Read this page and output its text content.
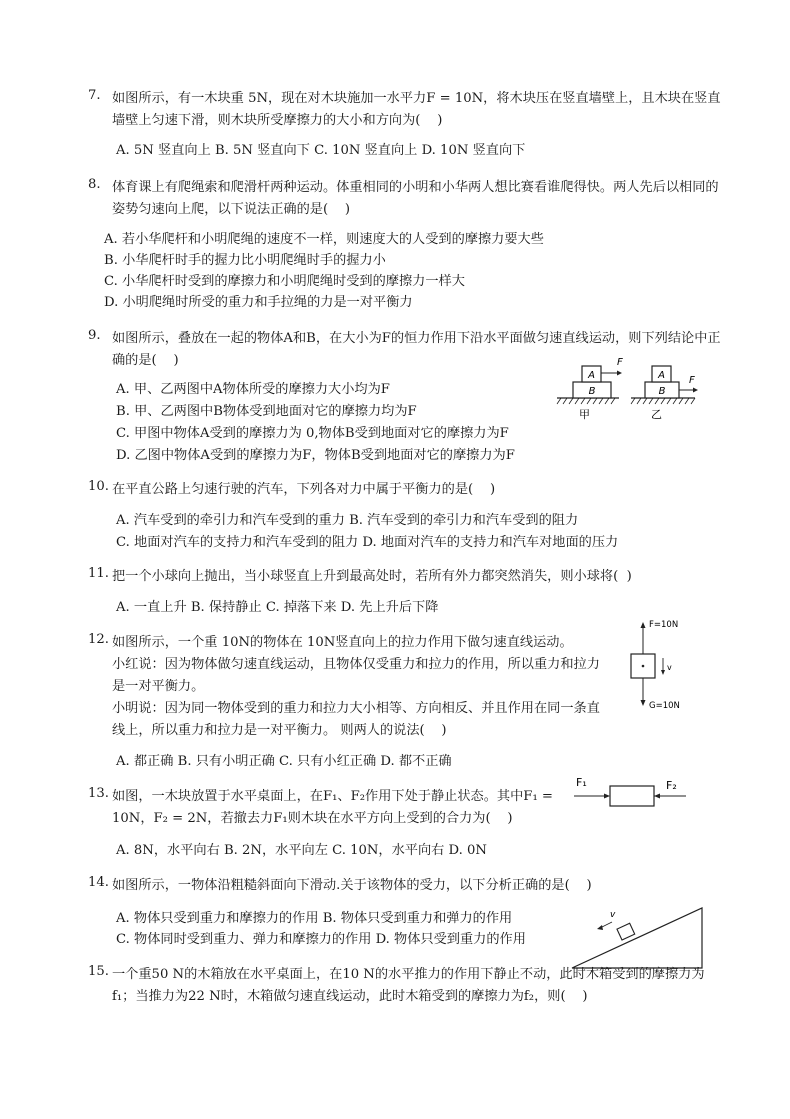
7. 如图所示，有一木块重 5N，现在对木块施加一水平力F = 10N，将木块压在竖直墙壁上，且木块在竖直墙壁上匀速下滑，则木块所受摩擦力的大小和方向为(    )
A. 5N 竖直向上 B. 5N 竖直向下 C. 10N 竖直向上 D. 10N 竖直向下
8. 体育课上有爬绳索和爬滑杆两种运动。体重相同的小明和小华两人想比赛看谁爬得快。两人先后以相同的姿势匀速向上爬，以下说法正确的是(    )
A. 若小华爬杆和小明爬绳的速度不一样，则速度大的人受到的摩擦力要大些
B. 小华爬杆时手的握力比小明爬绳时手的握力小
C. 小华爬杆时受到的摩擦力和小明爬绳时受到的摩擦力一样大
D. 小明爬绳时所受的重力和手拉绳的力是一对平衡力
9. 如图所示，叠放在一起的物体A和B，在大小为F的恒力作用下沿水平面做匀速直线运动，则下列结论中正确的是(    )
A. 甲、乙两图中A物体所受的摩擦力大小均为F
B. 甲、乙两图中B物体受到地面对它的摩擦力均为F
C. 甲图中物体A受到的摩擦力为 0,物体B受到地面对它的摩擦力为F
D. 乙图中物体A受到的摩擦力为F，物体B受到地面对它的摩擦力为F
A
B
F
甲
A
B
F
乙
10. 在平直公路上匀速行驶的汽车，下列各对力中属于平衡力的是(    )
A. 汽车受到的牵引力和汽车受到的重力 B. 汽车受到的牵引力和汽车受到的阻力
C. 地面对汽车的支持力和汽车受到的阻力 D. 地面对汽车的支持力和汽车对地面的压力
11. 把一个小球向上抛出，当小球竖直上升到最高处时，若所有外力都突然消失，则小球将(  )
A. 一直上升 B. 保持静止 C. 掉落下来 D. 先上升后下降
12. 如图所示，一个重 10N的物体在 10N竖直向上的拉力作用下做匀速直线运动。
小红说：因为物体做匀速直线运动，且物体仅受重力和拉力的作用，所以重力和拉力是一对平衡力。
小明说：因为同一物体受到的重力和拉力大小相等、方向相反、并且作用在同一条直线上，所以重力和拉力是一对平衡力。 则两人的说法(    )
A. 都正确 B. 只有小明正确 C. 只有小红正确 D. 都不正确
F=10N
v
G=10N
13. 如图，一木块放置于水平桌面上，在F₁、F₂作用下处于静止状态。其中F₁ = 10N，F₂ = 2N，若撤去力F₁则木块在水平方向上受到的合力为(    )
A. 8N，水平向右 B. 2N，水平向左 C. 10N，水平向右 D. 0N
F₁	F₂
14. 如图所示，一物体沿粗糙斜面向下滑动.关于该物体的受力，以下分析正确的是(    )
A. 物体只受到重力和摩擦力的作用 B. 物体只受到重力和弹力的作用
C. 物体同时受到重力、弹力和摩擦力的作用 D. 物体只受到重力的作用
v
15. 一个重50 N的木箱放在水平桌面上，在10 N的水平推力的作用下静止不动，此时木箱受到的摩擦力为f₁；当推力为22 N时，木箱做匀速直线运动，此时木箱受到的摩擦力为f₂，则(    )
